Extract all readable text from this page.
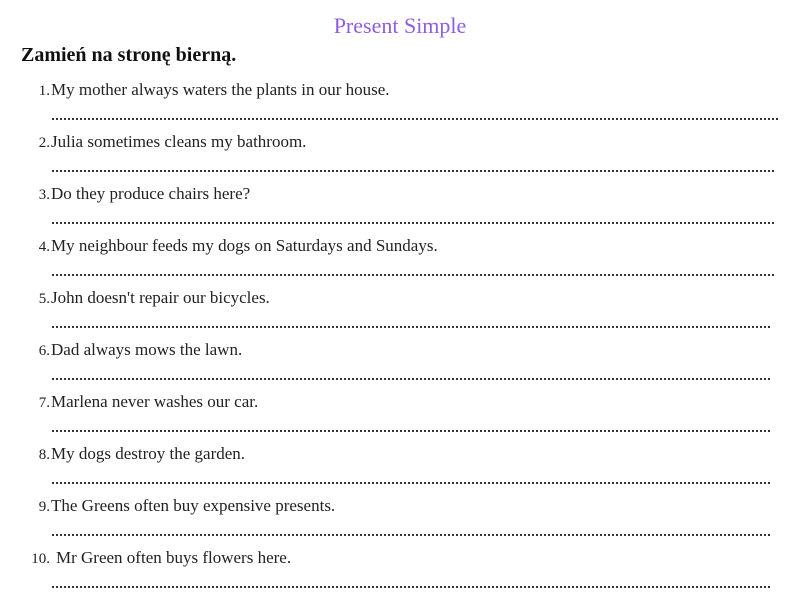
Present Simple
Zamień na stronę bierną.
1. My mother always waters the plants in our house.
2. Julia sometimes cleans my bathroom.
3. Do they produce chairs here?
4. My neighbour feeds my dogs on Saturdays and Sundays.
5. John doesn't repair our bicycles.
6. Dad always mows the lawn.
7. Marlena never washes our car.
8. My dogs destroy the garden.
9. The Greens often buy expensive presents.
10. Mr Green often buys flowers here.
